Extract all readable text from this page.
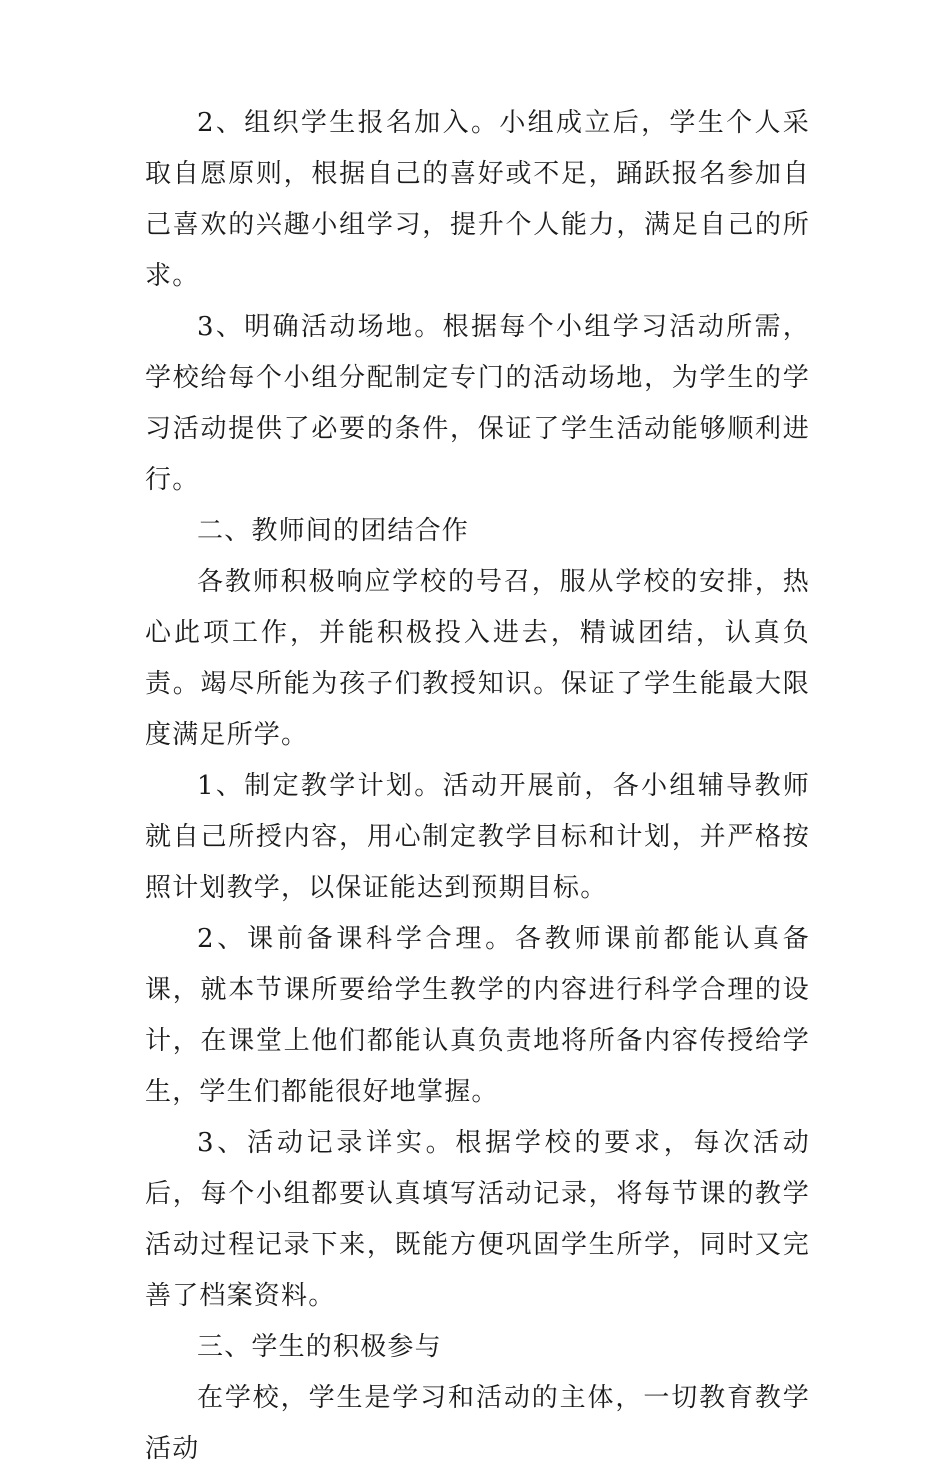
2、组织学生报名加入。小组成立后，学生个人采取自愿原则，根据自己的喜好或不足，踊跃报名参加自己喜欢的兴趣小组学习，提升个人能力，满足自己的所求。

3、明确活动场地。根据每个小组学习活动所需，学校给每个小组分配制定专门的活动场地，为学生的学习活动提供了必要的条件，保证了学生活动能够顺利进行。

二、教师间的团结合作

各教师积极响应学校的号召，服从学校的安排，热心此项工作，并能积极投入进去，精诚团结，认真负责。竭尽所能为孩子们教授知识。保证了学生能最大限度满足所学。

1、制定教学计划。活动开展前，各小组辅导教师就自己所授内容，用心制定教学目标和计划，并严格按照计划教学，以保证能达到预期目标。

2、课前备课科学合理。各教师课前都能认真备课，就本节课所要给学生教学的内容进行科学合理的设计，在课堂上他们都能认真负责地将所备内容传授给学生，学生们都能很好地掌握。

3、活动记录详实。根据学校的要求，每次活动后，每个小组都要认真填写活动记录，将每节课的教学活动过程记录下来，既能方便巩固学生所学，同时又完善了档案资料。

三、学生的积极参与

在学校，学生是学习和活动的主体，一切教育教学活动
